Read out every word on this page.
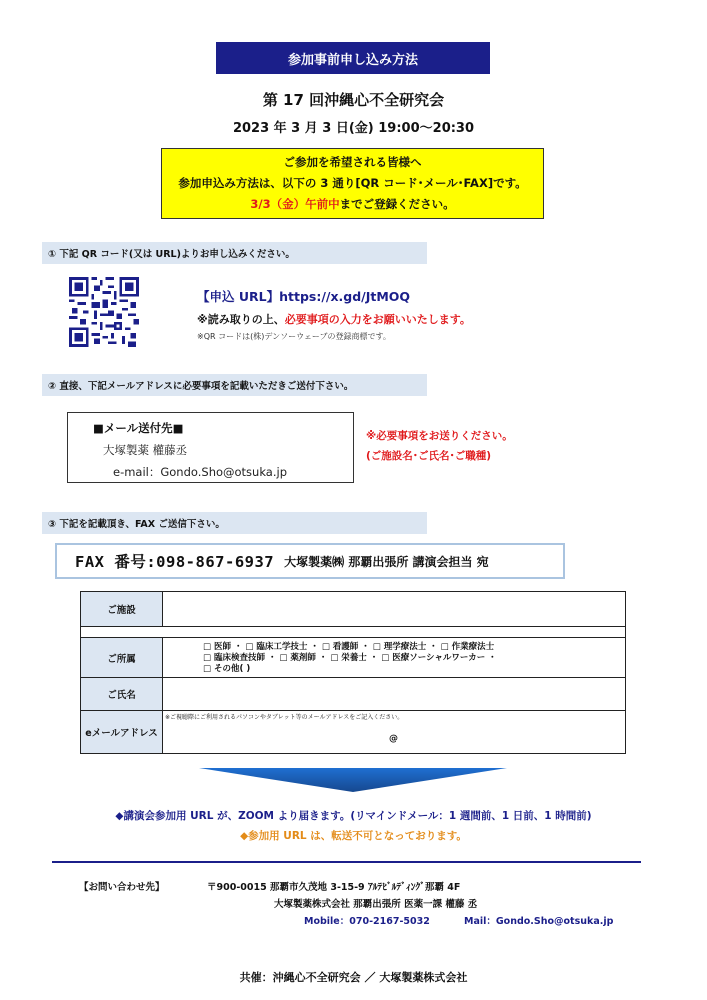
参加事前申し込み方法
第 17 回沖縄心不全研究会
2023 年 3 月 3 日(金) 19:00～20:30
ご参加を希望される皆様へ
参加申込み方法は、以下の 3 通り[QR コード･メール･FAX]です。
3/3（金）午前中までご登録ください。
① 下記 QR コード(又は URL)よりお申し込みください。
【申込 URL】https://x.gd/JtMOQ
※読み取りの上、必要事項の入力をお願いいたします。
※QR コードは(株)デンソーウェーブの登録商標です。
② 直接、下記メールアドレスに必要事項を記載いただきご送付下さい。
■メール送付先■
大塚製薬 權藤丞
e-mail：Gondo.Sho@otsuka.jp
※必要事項をお送りください。
(ご施設名･ご氏名･ご職種)
③ 下記を記載頂き、FAX ご送信下さい。
FAX 番号:098-867-6937 大塚製薬㈱ 那覇出張所 講演会担当 宛
ご施設
ご所属
□ 医師 ・ □ 臨床工学技士 ・ □ 看護師 ・ □ 理学療法士 ・ □ 作業療法士
□ 臨床検査技師 ・ □ 薬剤師 ・ □ 栄養士 ・ □ 医療ソーシャルワーカー ・
□ その他( )
ご氏名
※ご視聴際にご利用されるパソコンやタブレット等のメールアドレスをご記入ください。
eメールアドレス	@
◆講演会参加用 URL が、ZOOM より届きます。(リマインドメール：1 週間前、1 日前、1 時間前)
◆参加用 URL は、転送不可となっております。
【お問い合わせ先】	〒900-0015 那覇市久茂地 3-15-9 ｱﾙﾃﾋﾞﾙﾃﾞｨﾝｸﾞ那覇 4F
大塚製薬株式会社 那覇出張所 医薬一課 權藤 丞
Mobile：070-2167-5032	Mail：Gondo.Sho@otsuka.jp
共催：沖縄心不全研究会 ／ 大塚製薬株式会社
